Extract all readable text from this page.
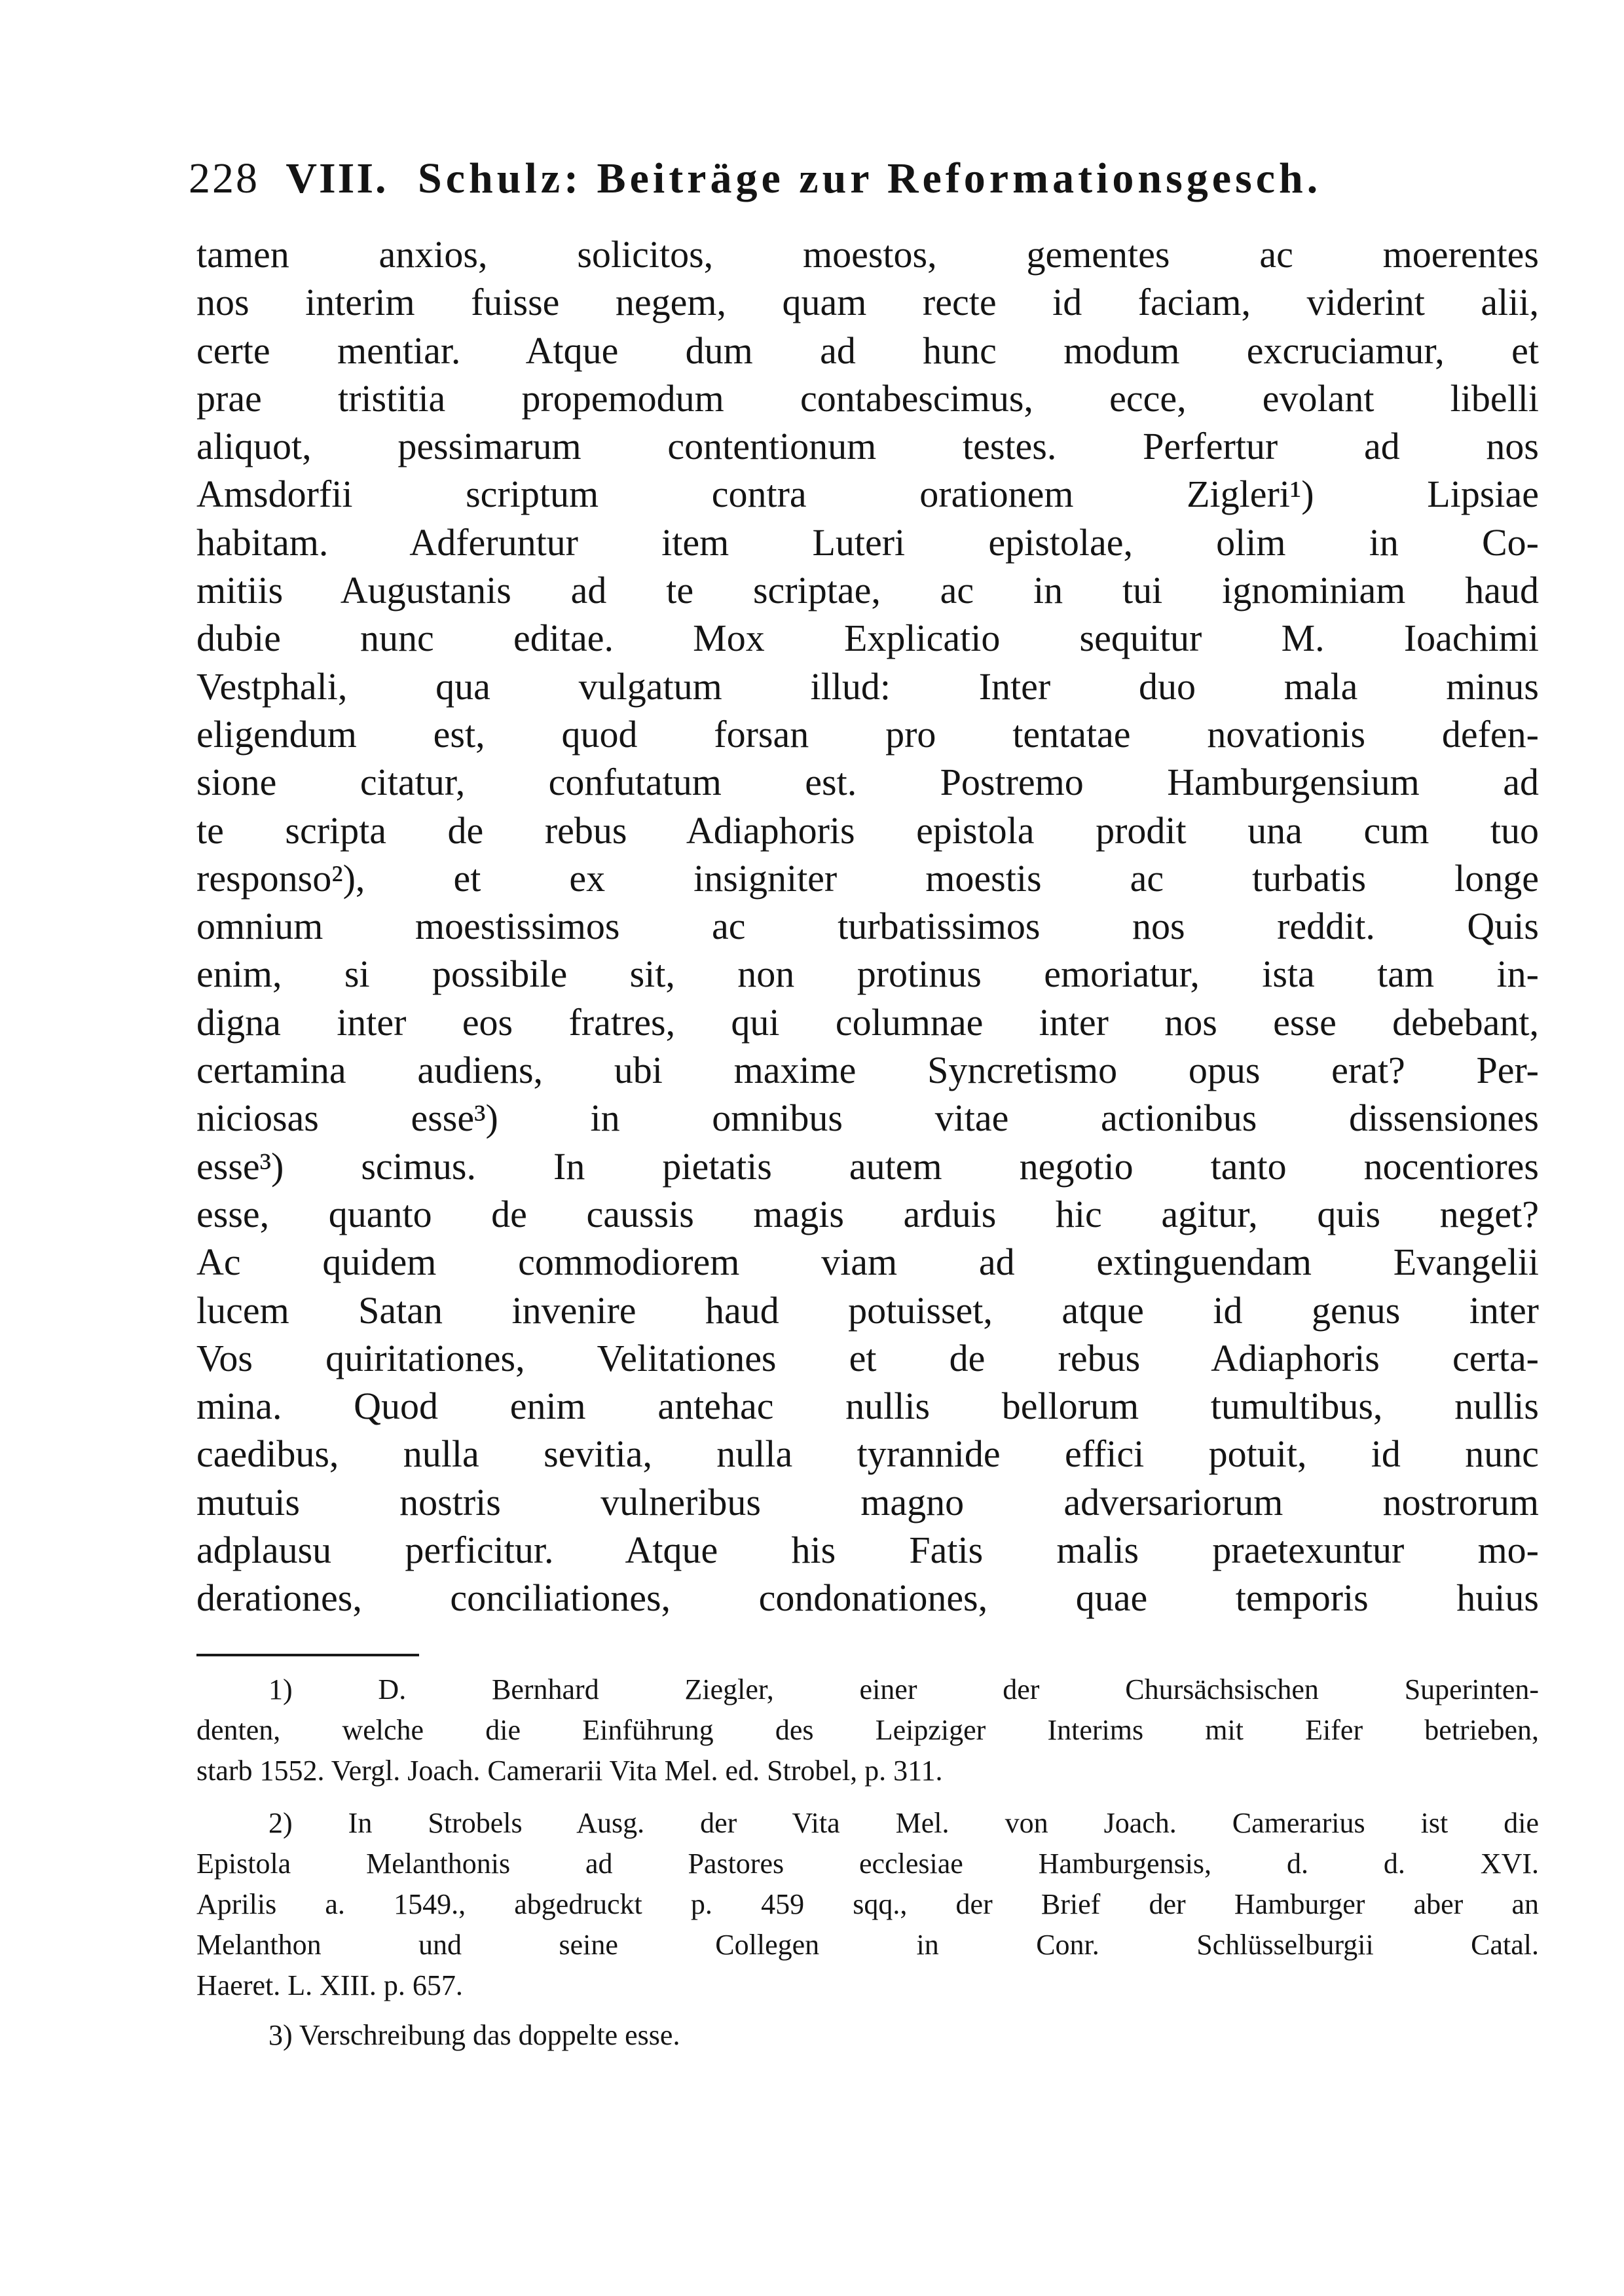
228 VIII. Schulz: Beiträge zur Reformationsgesch.
tamen anxios, solicitos, moestos, gementes ac moerentes
nos interim fuisse negem, quam recte id faciam, viderint alii,
certe mentiar. Atque dum ad hunc modum excruciamur, et
prae tristitia propemodum contabescimus, ecce, evolant libelli
aliquot, pessimarum contentionum testes. Perfertur ad nos
Amsdorfii scriptum contra orationem Zigleri¹) Lipsiae
habitam. Adferuntur item Luteri epistolae, olim in Co-
mitiis Augustanis ad te scriptae, ac in tui ignominiam haud
dubie nunc editae. Mox Explicatio sequitur M. Ioachimi
Vestphali, qua vulgatum illud: Inter duo mala minus
eligendum est, quod forsan pro tentatae novationis defen-
sione citatur, confutatum est. Postremo Hamburgensium ad
te scripta de rebus Adiaphoris epistola prodit una cum tuo
responso²), et ex insigniter moestis ac turbatis longe
omnium moestissimos ac turbatissimos nos reddit. Quis
enim, si possibile sit, non protinus emoriatur, ista tam in-
digna inter eos fratres, qui columnae inter nos esse debebant,
certamina audiens, ubi maxime Syncretismo opus erat? Per-
niciosas esse³) in omnibus vitae actionibus dissensiones
esse³) scimus. In pietatis autem negotio tanto nocentiores
esse, quanto de caussis magis arduis hic agitur, quis neget?
Ac quidem commodiorem viam ad extinguendam Evangelii
lucem Satan invenire haud potuisset, atque id genus inter
Vos quiritationes, Velitationes et de rebus Adiaphoris certa-
mina. Quod enim antehac nullis bellorum tumultibus, nullis
caedibus, nulla sevitia, nulla tyrannide effici potuit, id nunc
mutuis nostris vulneribus magno adversariorum nostrorum
adplausu perficitur. Atque his Fatis malis praetexuntur mo-
derationes, conciliationes, condonationes, quae temporis huius
1) D. Bernhard Ziegler, einer der Chursächsischen Superinten-
denten, welche die Einführung des Leipziger Interims mit Eifer betrieben,
starb 1552. Vergl. Joach. Camerarii Vita Mel. ed. Strobel, p. 311.
2) In Strobels Ausg. der Vita Mel. von Joach. Camerarius ist die
Epistola Melanthonis ad Pastores ecclesiae Hamburgensis, d. d. XVI.
Aprilis a. 1549., abgedruckt p. 459 sqq., der Brief der Hamburger aber an
Melanthon und seine Collegen in Conr. Schlüsselburgii Catal.
Haeret. L. XIII. p. 657.
3) Verschreibung das doppelte esse.
